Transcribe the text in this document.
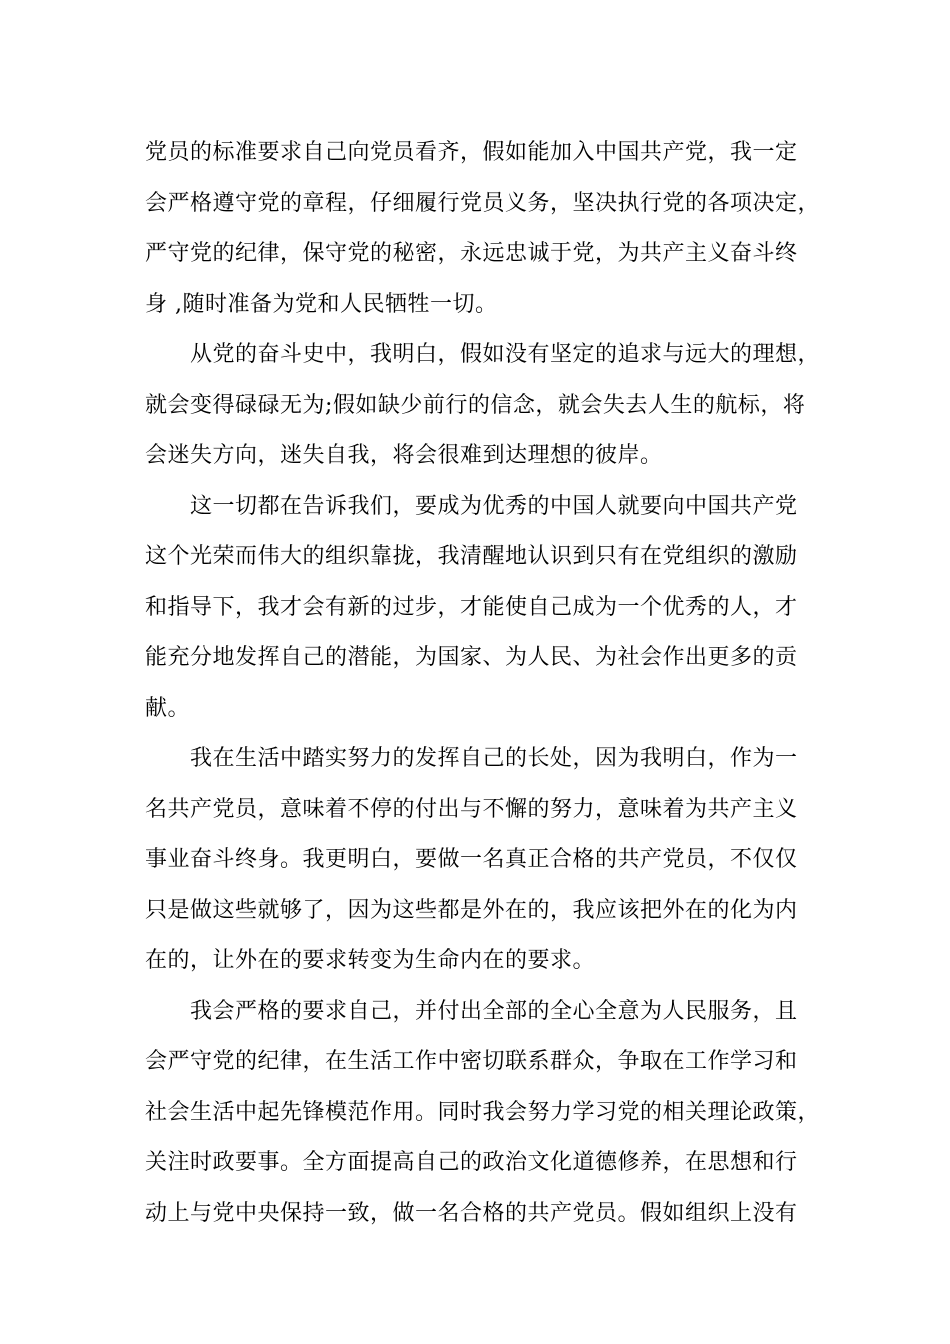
党员的标准要求自己向党员看齐，假如能加入中国共产党，我一定
会严格遵守党的章程，仔细履行党员义务，坚决执行党的各项决定，
严守党的纪律，保守党的秘密，永远忠诚于党，为共产主义奋斗终
身 ,随时准备为党和人民牺牲一切。
从党的奋斗史中，我明白，假如没有坚定的追求与远大的理想，
就会变得碌碌无为;假如缺少前行的信念，就会失去人生的航标，将
会迷失方向，迷失自我，将会很难到达理想的彼岸。
这一切都在告诉我们，要成为优秀的中国人就要向中国共产党
这个光荣而伟大的组织靠拢，我清醒地认识到只有在党组织的激励
和指导下，我才会有新的过步，才能使自己成为一个优秀的人，才
能充分地发挥自己的潜能，为国家、为人民、为社会作出更多的贡
献。
我在生活中踏实努力的发挥自己的长处，因为我明白，作为一
名共产党员，意味着不停的付出与不懈的努力，意味着为共产主义
事业奋斗终身。我更明白，要做一名真正合格的共产党员，不仅仅
只是做这些就够了，因为这些都是外在的，我应该把外在的化为内
在的，让外在的要求转变为生命内在的要求。
我会严格的要求自己，并付出全部的全心全意为人民服务，且
会严守党的纪律，在生活工作中密切联系群众，争取在工作学习和
社会生活中起先锋模范作用。同时我会努力学习党的相关理论政策，
关注时政要事。全方面提高自己的政治文化道德修养，在思想和行
动上与党中央保持一致，做一名合格的共产党员。假如组织上没有
